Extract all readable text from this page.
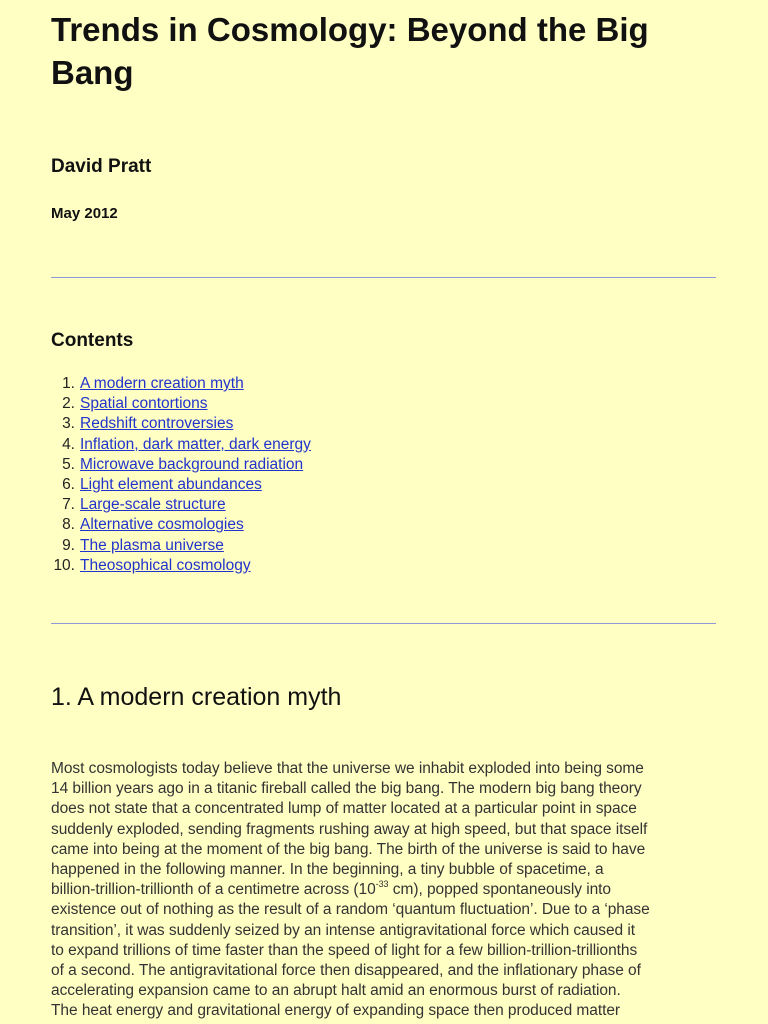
Trends in Cosmology: Beyond the Big Bang

David Pratt

May 2012

Contents
1. A modern creation myth
2. Spatial contortions
3. Redshift controversies
4. Inflation, dark matter, dark energy
5. Microwave background radiation
6. Light element abundances
7. Large-scale structure
8. Alternative cosmologies
9. The plasma universe
10. Theosophical cosmology
1. A modern creation myth

Most cosmologists today believe that the universe we inhabit exploded into being some
14 billion years ago in a titanic fireball called the big bang. The modern big bang theory
does not state that a concentrated lump of matter located at a particular point in space
suddenly exploded, sending fragments rushing away at high speed, but that space itself
came into being at the moment of the big bang. The birth of the universe is said to have
happened in the following manner. In the beginning, a tiny bubble of spacetime, a
billion-trillion-trillionth of a centimetre across ($10^{-33}$ cm), popped spontaneously into
existence out of nothing as the result of a random ‘quantum fluctuation’. Due to a ‘phase
transition’, it was suddenly seized by an intense antigravitational force which caused it
to expand trillions of time faster than the speed of light for a few billion-trillion-trillionths
of a second. The antigravitational force then disappeared, and the inflationary phase of
accelerating expansion came to an abrupt halt amid an enormous burst of radiation.
The heat energy and gravitational energy of expanding space then produced matter
